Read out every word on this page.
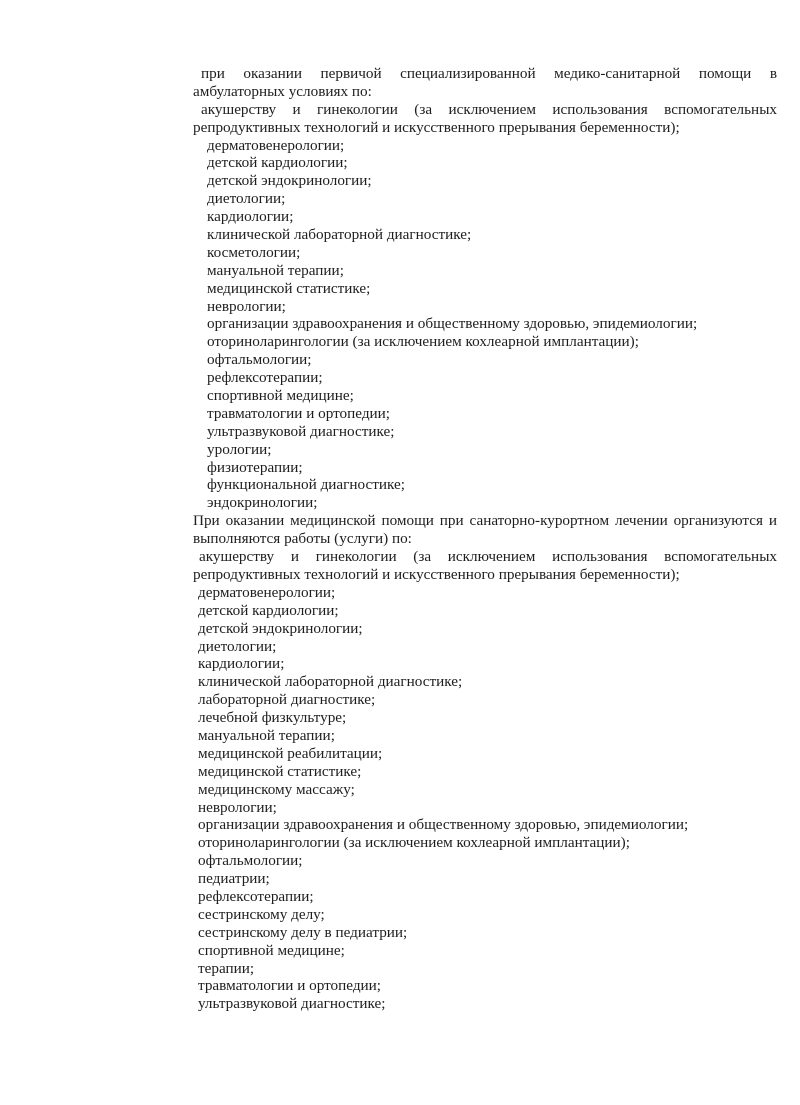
при оказании первичой специализированной медико-санитарной помощи в
амбулаторных условиях по:
акушерству и гинекологии (за исключением использования вспомогательных
репродуктивных технологий и искусственного прерывания беременности);
дерматовенерологии;
детской кардиологии;
детской эндокринологии;
диетологии;
кардиологии;
клинической лабораторной диагностике;
косметологии;
мануальной терапии;
медицинской статистике;
неврологии;
организации здравоохранения и общественному здоровью, эпидемиологии;
оториноларингологии (за исключением кохлеарной имплантации);
офтальмологии;
рефлексотерапии;
спортивной медицине;
травматологии и ортопедии;
ультразвуковой диагностике;
урологии;
физиотерапии;
функциональной диагностике;
эндокринологии;
При оказании медицинской помощи при санаторно-курортном лечении организуются и
выполняются работы (услуги) по:
акушерству и гинекологии (за исключением использования вспомогательных
репродуктивных технологий и искусственного прерывания беременности);
дерматовенерологии;
детской кардиологии;
детской эндокринологии;
диетологии;
кардиологии;
клинической лабораторной диагностике;
лабораторной диагностике;
лечебной физкультуре;
мануальной терапии;
медицинской реабилитации;
медицинской статистике;
медицинскому массажу;
неврологии;
организации здравоохранения и общественному здоровью, эпидемиологии;
оториноларингологии (за исключением кохлеарной имплантации);
офтальмологии;
педиатрии;
рефлексотерапии;
сестринскому делу;
сестринскому делу в педиатрии;
спортивной медицине;
терапии;
травматологии и ортопедии;
ультразвуковой диагностике;
